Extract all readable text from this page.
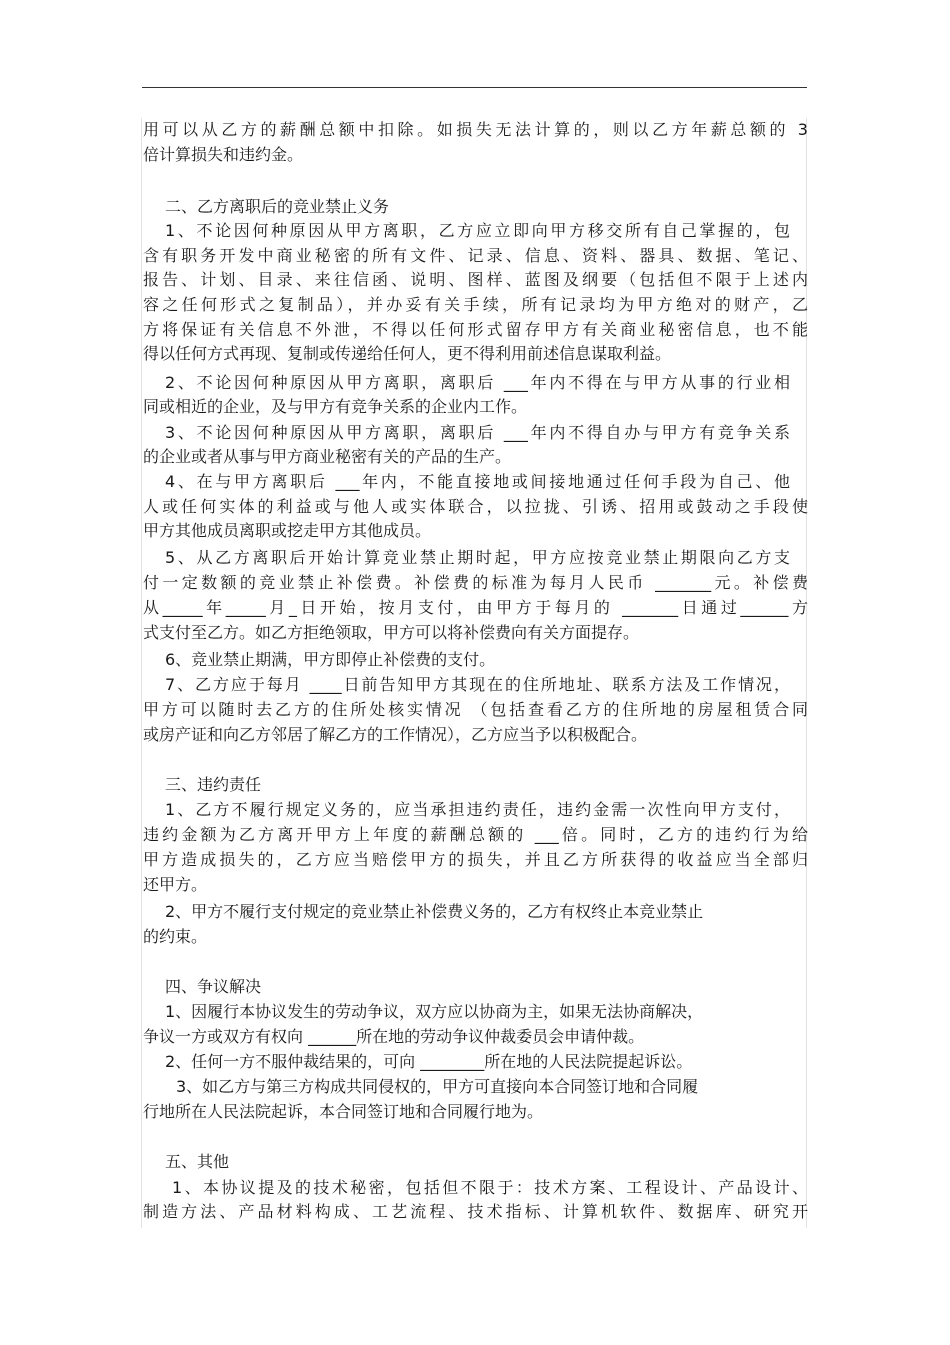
用可以从乙方的薪酬总额中扣除。如损失无法计算的，则以乙方年薪总额的 3
倍计算损失和违约金。
二、乙方离职后的竞业禁止义务
1、不论因何种原因从甲方离职，乙方应立即向甲方移交所有自己掌握的，包
含有职务开发中商业秘密的所有文件、记录、信息、资料、器具、数据、笔记、
报告、计划、目录、来往信函、说明、图样、蓝图及纲要（包括但不限于上述内
容之任何形式之复制品），并办妥有关手续，所有记录均为甲方绝对的财产，乙
方将保证有关信息不外泄，不得以任何形式留存甲方有关商业秘密信息，也不能
得以任何方式再现、复制或传递给任何人，更不得利用前述信息谋取利益。
2、不论因何种原因从甲方离职，离职后 ___年内不得在与甲方从事的行业相
同或相近的企业，及与甲方有竞争关系的企业内工作。
3、不论因何种原因从甲方离职，离职后 ___年内不得自办与甲方有竞争关系
的企业或者从事与甲方商业秘密有关的产品的生产。
4、在与甲方离职后 ___年内，不能直接地或间接地通过任何手段为自己、他
人或任何实体的利益或与他人或实体联合，以拉拢、引诱、招用或鼓动之手段使
甲方其他成员离职或挖走甲方其他成员。
5、从乙方离职后开始计算竞业禁止期时起，甲方应按竞业禁止期限向乙方支
付一定数额的竞业禁止补偿费。补偿费的标准为每月人民币 _______元。补偿费
从_____年_____月_日开始，按月支付，由甲方于每月的 _______日通过______方
式支付至乙方。如乙方拒绝领取，甲方可以将补偿费向有关方面提存。
6、竞业禁止期满，甲方即停止补偿费的支付。
7、乙方应于每月 ____日前告知甲方其现在的住所地址、联系方法及工作情况，
甲方可以随时去乙方的住所处核实情况 （包括查看乙方的住所地的房屋租赁合同
或房产证和向乙方邻居了解乙方的工作情况），乙方应当予以积极配合。
三、违约责任
1、乙方不履行规定义务的，应当承担违约责任，违约金需一次性向甲方支付，
违约金额为乙方离开甲方上年度的薪酬总额的 ___倍。同时，乙方的违约行为给
甲方造成损失的，乙方应当赔偿甲方的损失，并且乙方所获得的收益应当全部归
还甲方。
2、甲方不履行支付规定的竞业禁止补偿费义务的，乙方有权终止本竞业禁止
的约束。
四、争议解决
1、因履行本协议发生的劳动争议，双方应以协商为主，如果无法协商解决，
争议一方或双方有权向 ______所在地的劳动争议仲裁委员会申请仲裁。
2、任何一方不服仲裁结果的，可向 ________所在地的人民法院提起诉讼。
3、如乙方与第三方构成共同侵权的，甲方可直接向本合同签订地和合同履
行地所在人民法院起诉，本合同签订地和合同履行地为。
五、其他
1、本协议提及的技术秘密，包括但不限于：技术方案、工程设计、产品设计、
制造方法、产品材料构成、工艺流程、技术指标、计算机软件、数据库、研究开
